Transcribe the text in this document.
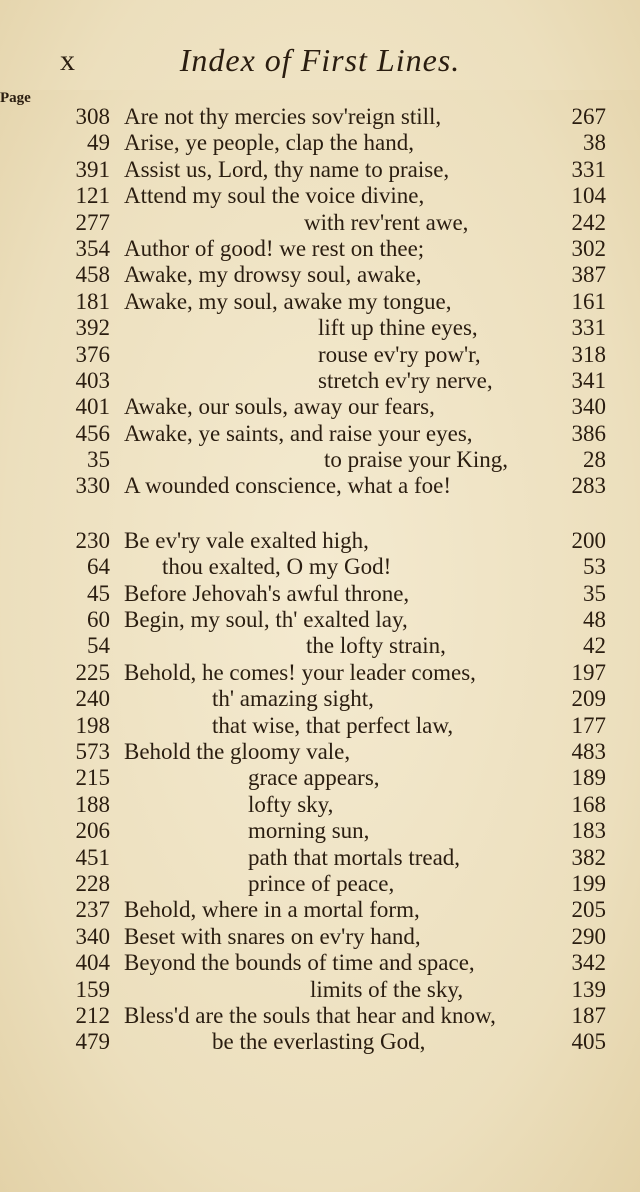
x	Index of First Lines.
Page
308 Are not thy mercies sov'reign still,	267
49 Arise, ye people, clap the hand,	38
391 Assist us, Lord, thy name to praise,	331
121 Attend my soul the voice divine,	104
277	with rev'rent awe,	242
354 Author of good! we rest on thee;	302
458 Awake, my drowsy soul, awake,	387
181 Awake, my soul, awake my tongue,	161
392	lift up thine eyes,	331
376	rouse ev'ry pow'r,	318
403	stretch ev'ry nerve,	341
401 Awake, our souls, away our fears,	340
456 Awake, ye saints, and raise your eyes,	386
35	to praise your King,	28
330 A wounded conscience, what a foe!	283
230 Be ev'ry vale exalted high,	200
64 thou exalted, O my God!	53
45 Before Jehovah's awful throne,	35
60 Begin, my soul, th' exalted lay,	48
54	the lofty strain,	42
225 Behold, he comes! your leader comes,	197
240	th' amazing sight,	209
198	that wise, that perfect law,	177
573 Behold the gloomy vale,	483
215	grace appears,	189
188	lofty sky,	168
206	morning sun,	183
451	path that mortals tread,	382
228	prince of peace,	199
237 Behold, where in a mortal form,	205
340 Beset with snares on ev'ry hand,	290
404 Beyond the bounds of time and space,	342
159	limits of the sky,	139
212 Bless'd are the souls that hear and know,	187
479	be the everlasting God,	405
